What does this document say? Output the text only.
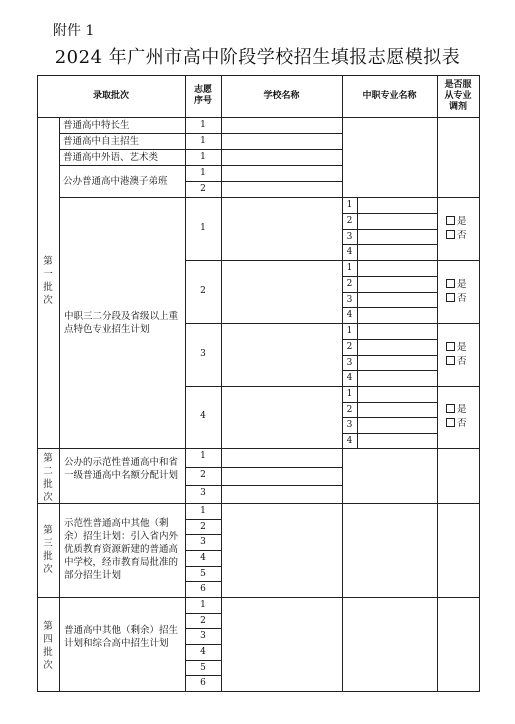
附件 1
2024 年广州市高中阶段学校招生填报志愿模拟表
录取批次
志愿
序号
学校名称	中职专业名称
是否服
从专业
调剂
普通高中特长生
普通高中自主招生
普通高中外语、艺术类
公办普通高中港澳子弟班
1
1
1
1
2
1
2
3
4
1
是
否
1
2
3
4
2
是
否
1
2
3
4
3
是
否
1
2
3
4
4
是
否
中职三二分段及省级以上重点特色专业招生计划
第一批次
1
2
3
公办的示范性普通高中和省一级普通高中名额分配计划
第二批次
1
2
3
4
5
6
示范性普通高中其他（剩余）招生计划：引入省内外优质教育资源新建的普通高中学校，经市教育局批准的部分招生计划
第三批次
1
2
3
4
5
6
普通高中其他（剩余）招生计划和综合高中招生计划
第四批次
